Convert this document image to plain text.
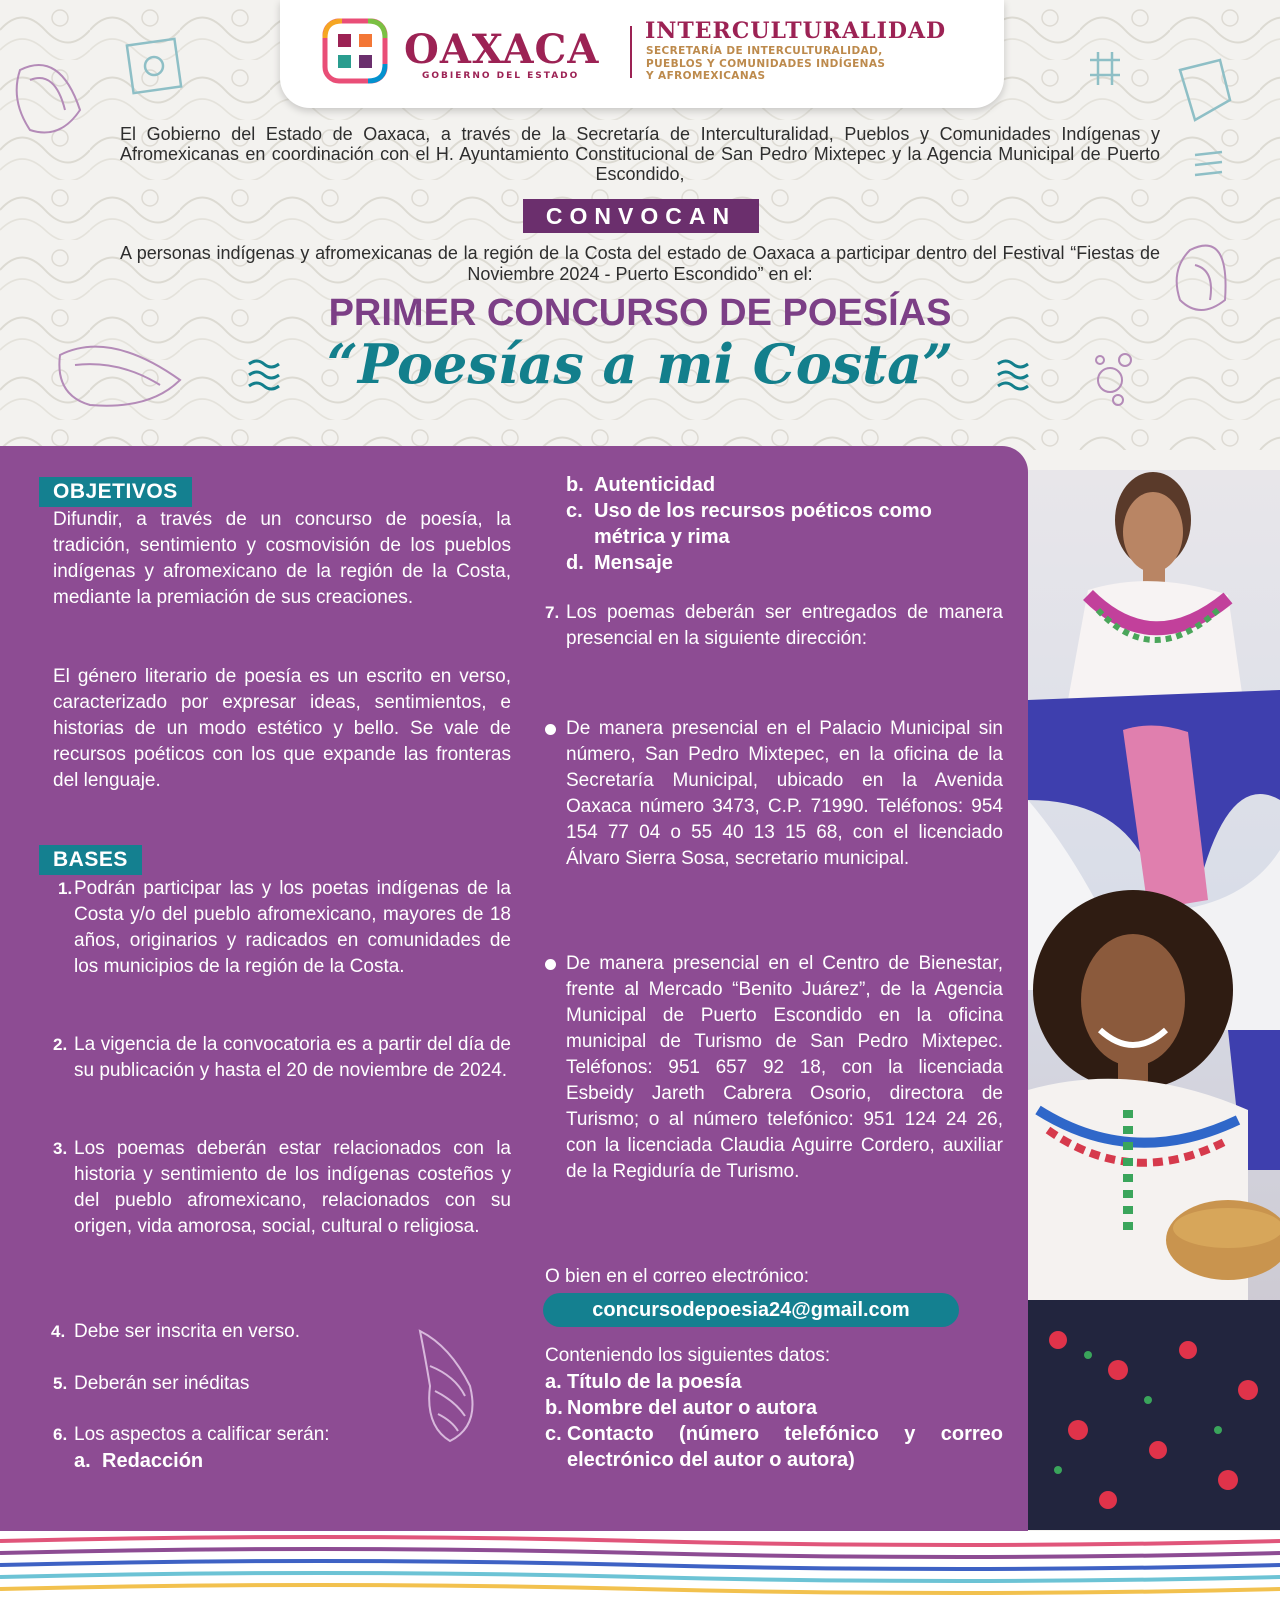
OAXACA
GOBIERNO DEL ESTADO
INTERCULTURALIDAD
SECRETARÍA DE INTERCULTURALIDAD,
PUEBLOS Y COMUNIDADES INDÍGENAS
Y AFROMEXICANAS
El Gobierno del Estado de Oaxaca, a través de la Secretaría de Interculturalidad, Pueblos y Comunidades Indígenas y Afromexicanas en coordinación con el H. Ayuntamiento Constitucional de San Pedro Mixtepec y la Agencia Municipal de Puerto Escondido,
CONVOCAN
A personas indígenas y afromexicanas de la región de la Costa del estado de Oaxaca a participar dentro del Festival “Fiestas de Noviembre 2024 - Puerto Escondido” en el:
PRIMER CONCURSO DE POESÍAS
“Poesías a mi Costa”
OBJETIVOS
Difundir, a través de un concurso de poesía, la tradición, sentimiento y cosmovisión de los pueblos indígenas y afromexicano de la región de la Costa, mediante la premiación de sus creaciones.
El género literario de poesía es un escrito en verso, caracterizado por expresar ideas, sentimientos, e historias de un modo estético y bello. Se vale de recursos poéticos con los que expande las fronteras del lenguaje.
BASES
1. Podrán participar las y los poetas indígenas de la Costa y/o del pueblo afromexicano, mayores de 18 años, originarios y radicados en comunidades de los municipios de la región de la Costa.
2. La vigencia de la convocatoria es a partir del día de su publicación y hasta el 20 de noviembre de 2024.
3. Los poemas deberán estar relacionados con la historia y sentimiento de los indígenas costeños y del pueblo afromexicano, relacionados con su origen, vida amorosa, social, cultural o religiosa.
4. Debe ser inscrita en verso.
5. Deberán ser inéditas
6. Los aspectos a calificar serán:
a. Redacción
b. Autenticidad
c. Uso de los recursos poéticos como métrica y rima
d. Mensaje
7. Los poemas deberán ser entregados de manera presencial en la siguiente dirección:
De manera presencial en el Palacio Municipal sin número, San Pedro Mixtepec, en la oficina de la Secretaría Municipal, ubicado en la Avenida Oaxaca número 3473, C.P. 71990. Teléfonos: 954 154 77 04 o 55 40 13 15 68, con el licenciado Álvaro Sierra Sosa, secretario municipal.
De manera presencial en el Centro de Bienestar, frente al Mercado “Benito Juárez”, de la Agencia Municipal de Puerto Escondido en la oficina municipal de Turismo de San Pedro Mixtepec. Teléfonos: 951 657 92 18, con la licenciada Esbeidy Jareth Cabrera Osorio, directora de Turismo; o al número telefónico: 951 124 24 26, con la licenciada Claudia Aguirre Cordero, auxiliar de la Regiduría de Turismo.
O bien en el correo electrónico:
Conteniendo los siguientes datos:
a. Título de la poesía
b. Nombre del autor o autora
c. Contacto (número telefónico y correo electrónico del autor o autora)
concursodepoesia24@gmail.com
